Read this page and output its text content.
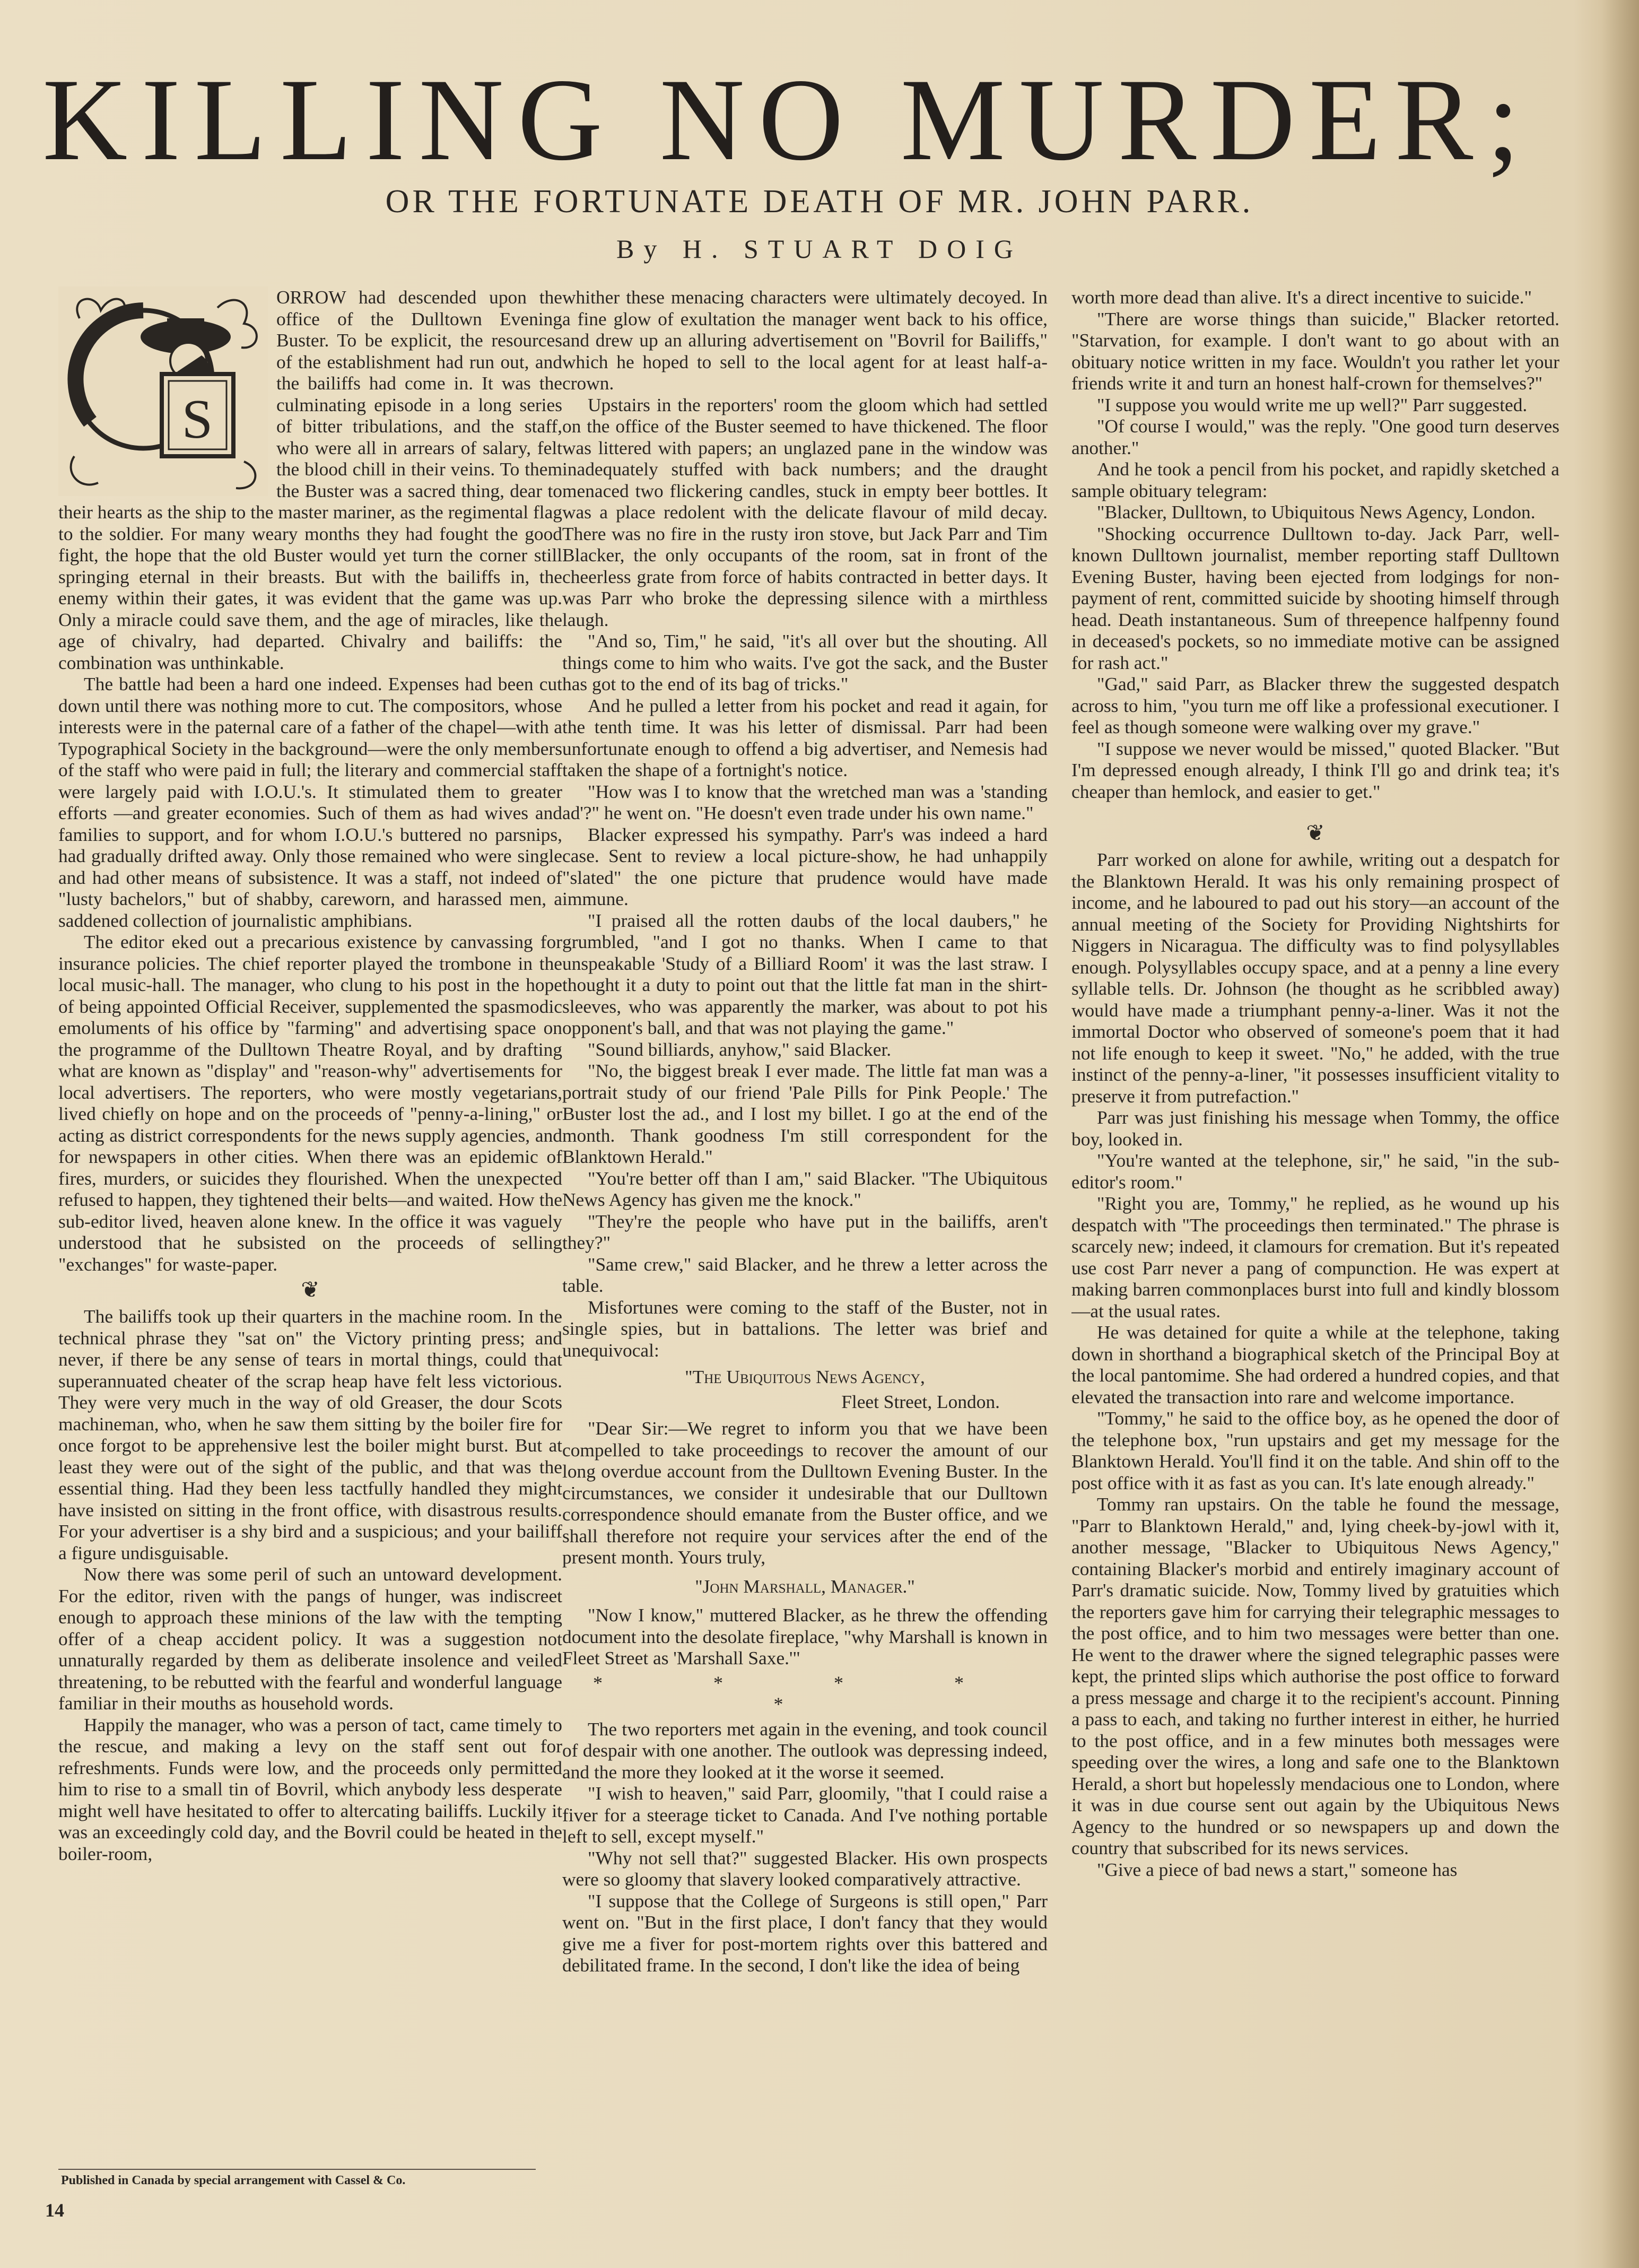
KILLING NO MURDER;
OR THE FORTUNATE DEATH OF MR. JOHN PARR.
By H. STUART DOIG
S

ORROW had descended upon the office of the Dulltown Evening Buster. To be explicit, the resources of the establishment had run out, and the bailiffs had come in. It was the culminating episode in a long series of bitter tribulations, and the staff, who were all in arrears of salary, felt the blood chill in their veins. To them the Buster was a sacred thing, dear to their hearts as the ship to the master mariner, as the regimental flag to the soldier. For many weary months they had fought the good fight, the hope that the old Buster would yet turn the corner still springing eternal in their breasts. But with the bailiffs in, the enemy within their gates, it was evident that the game was up. Only a miracle could save them, and the age of miracles, like the age of chivalry, had departed. Chivalry and bailiffs: the combination was unthinkable.

The battle had been a hard one indeed. Expenses had been cut down until there was nothing more to cut. The compositors, whose interests were in the paternal care of a father of the chapel—with a Typographical Society in the background—were the only members of the staff who were paid in full; the literary and commercial staff were largely paid with I.O.U.'s. It stimulated them to greater efforts —and greater economies. Such of them as had wives and families to support, and for whom I.O.U.'s buttered no parsnips, had gradually drifted away. Only those remained who were single and had other means of subsistence. It was a staff, not indeed of "lusty bachelors," but of shabby, careworn, and harassed men, a saddened collection of journalistic amphibians.

The editor eked out a precarious existence by canvassing for insurance policies. The chief reporter played the trombone in the local music-hall. The manager, who clung to his post in the hope of being appointed Official Receiver, supplemented the spasmodic emoluments of his office by "farming" and advertising space on the programme of the Dulltown Theatre Royal, and by drafting what are known as "display" and "reason-why" advertisements for local advertisers. The reporters, who were mostly vegetarians, lived chiefly on hope and on the proceeds of "penny-a-lining," or acting as district correspondents for the news supply agencies, and for newspapers in other cities. When there was an epidemic of fires, murders, or suicides they flourished. When the unexpected refused to happen, they tightened their belts—and waited. How the sub-editor lived, heaven alone knew. In the office it was vaguely understood that he subsisted on the proceeds of selling "exchanges" for waste-paper.

❦

The bailiffs took up their quarters in the machine room. In the technical phrase they "sat on" the Victory printing press; and never, if there be any sense of tears in mortal things, could that superannuated cheater of the scrap heap have felt less victorious. They were very much in the way of old Greaser, the dour Scots machineman, who, when he saw them sitting by the boiler fire for once forgot to be apprehensive lest the boiler might burst. But at least they were out of the sight of the public, and that was the essential thing. Had they been less tactfully handled they might have insisted on sitting in the front office, with disastrous results. For your advertiser is a shy bird and a suspicious; and your bailiff a figure undisguisable.

Now there was some peril of such an untoward development. For the editor, riven with the pangs of hunger, was indiscreet enough to approach these minions of the law with the tempting offer of a cheap accident policy. It was a suggestion not unnaturally regarded by them as deliberate insolence and veiled threatening, to be rebutted with the fearful and wonderful language familiar in their mouths as household words.

Happily the manager, who was a person of tact, came timely to the rescue, and making a levy on the staff sent out for refreshments. Funds were low, and the proceeds only permitted him to rise to a small tin of Bovril, which anybody less desperate might well have hesitated to offer to altercating bailiffs. Luckily it was an exceedingly cold day, and the Bovril could be heated in the boiler-room,

whither these menacing characters were ultimately decoyed. In a fine glow of exultation the manager went back to his office, and drew up an alluring advertisement on "Bovril for Bailiffs," which he hoped to sell to the local agent for at least half-a-crown.

Upstairs in the reporters' room the gloom which had settled on the office of the Buster seemed to have thickened. The floor was littered with papers; an unglazed pane in the window was inadequately stuffed with back numbers; and the draught menaced two flickering candles, stuck in empty beer bottles. It was a place redolent with the delicate flavour of mild decay. There was no fire in the rusty iron stove, but Jack Parr and Tim Blacker, the only occupants of the room, sat in front of the cheerless grate from force of habits contracted in better days. It was Parr who broke the depressing silence with a mirthless laugh.

"And so, Tim," he said, "it's all over but the shouting. All things come to him who waits. I've got the sack, and the Buster has got to the end of its bag of tricks."

And he pulled a letter from his pocket and read it again, for the tenth time. It was his letter of dismissal. Parr had been unfortunate enough to offend a big advertiser, and Nemesis had taken the shape of a fortnight's notice.

"How was I to know that the wretched man was a 'standing ad'?" he went on. "He doesn't even trade under his own name."

Blacker expressed his sympathy. Parr's was indeed a hard case. Sent to review a local picture-show, he had unhappily "slated" the one picture that prudence would have made immune.

"I praised all the rotten daubs of the local daubers," he grumbled, "and I got no thanks. When I came to that unspeakable 'Study of a Billiard Room' it was the last straw. I thought it a duty to point out that the little fat man in the shirt-sleeves, who was apparently the marker, was about to pot his opponent's ball, and that was not playing the game."

"Sound billiards, anyhow," said Blacker.

"No, the biggest break I ever made. The little fat man was a portrait study of our friend 'Pale Pills for Pink People.' The Buster lost the ad., and I lost my billet. I go at the end of the month. Thank goodness I'm still correspondent for the Blanktown Herald."

"You're better off than I am," said Blacker. "The Ubiquitous News Agency has given me the knock."

"They're the people who have put in the bailiffs, aren't they?"

"Same crew," said Blacker, and he threw a letter across the table.

Misfortunes were coming to the staff of the Buster, not in single spies, but in battalions. The letter was brief and unequivocal:

"The Ubiquitous News Agency,
Fleet Street, London.

"Dear Sir:—We regret to inform you that we have been compelled to take proceedings to recover the amount of our long overdue account from the Dulltown Evening Buster. In the circumstances, we consider it undesirable that our Dulltown correspondence should emanate from the Buster office, and we shall therefore not require your services after the end of the present month. Yours truly,

"John Marshall, Manager."

"Now I know," muttered Blacker, as he threw the offending document into the desolate fireplace, "why Marshall is known in Fleet Street as 'Marshall Saxe.'"

* * * * *

The two reporters met again in the evening, and took council of despair with one another. The outlook was depressing indeed, and the more they looked at it the worse it seemed.

"I wish to heaven," said Parr, gloomily, "that I could raise a fiver for a steerage ticket to Canada. And I've nothing portable left to sell, except myself."

"Why not sell that?" suggested Blacker. His own prospects were so gloomy that slavery looked comparatively attractive.

"I suppose that the College of Surgeons is still open," Parr went on. "But in the first place, I don't fancy that they would give me a fiver for post-mortem rights over this battered and debilitated frame. In the second, I don't like the idea of being

worth more dead than alive. It's a direct incentive to suicide."

"There are worse things than suicide," Blacker retorted. "Starvation, for example. I don't want to go about with an obituary notice written in my face. Wouldn't you rather let your friends write it and turn an honest half-crown for themselves?"

"I suppose you would write me up well?" Parr suggested.

"Of course I would," was the reply. "One good turn deserves another."

And he took a pencil from his pocket, and rapidly sketched a sample obituary telegram:

"Blacker, Dulltown, to Ubiquitous News Agency, London.

"Shocking occurrence Dulltown to-day. Jack Parr, well-known Dulltown journalist, member reporting staff Dulltown Evening Buster, having been ejected from lodgings for non-payment of rent, committed suicide by shooting himself through head. Death instantaneous. Sum of threepence halfpenny found in deceased's pockets, so no immediate motive can be assigned for rash act."

"Gad," said Parr, as Blacker threw the suggested despatch across to him, "you turn me off like a professional executioner. I feel as though someone were walking over my grave."

"I suppose we never would be missed," quoted Blacker. "But I'm depressed enough already, I think I'll go and drink tea; it's cheaper than hemlock, and easier to get."

❦

Parr worked on alone for awhile, writing out a despatch for the Blanktown Herald. It was his only remaining prospect of income, and he laboured to pad out his story—an account of the annual meeting of the Society for Providing Nightshirts for Niggers in Nicaragua. The difficulty was to find polysyllables enough. Polysyllables occupy space, and at a penny a line every syllable tells. Dr. Johnson (he thought as he scribbled away) would have made a triumphant penny-a-liner. Was it not the immortal Doctor who observed of someone's poem that it had not life enough to keep it sweet. "No," he added, with the true instinct of the penny-a-liner, "it possesses insufficient vitality to preserve it from putrefaction."

Parr was just finishing his message when Tommy, the office boy, looked in.

"You're wanted at the telephone, sir," he said, "in the sub-editor's room."

"Right you are, Tommy," he replied, as he wound up his despatch with "The proceedings then terminated." The phrase is scarcely new; indeed, it clamours for cremation. But it's repeated use cost Parr never a pang of compunction. He was expert at making barren commonplaces burst into full and kindly blossom—at the usual rates.

He was detained for quite a while at the telephone, taking down in shorthand a biographical sketch of the Principal Boy at the local pantomime. She had ordered a hundred copies, and that elevated the transaction into rare and welcome importance.

"Tommy," he said to the office boy, as he opened the door of the telephone box, "run upstairs and get my message for the Blanktown Herald. You'll find it on the table. And shin off to the post office with it as fast as you can. It's late enough already."

Tommy ran upstairs. On the table he found the message, "Parr to Blanktown Herald," and, lying cheek-by-jowl with it, another message, "Blacker to Ubiquitous News Agency," containing Blacker's morbid and entirely imaginary account of Parr's dramatic suicide. Now, Tommy lived by gratuities which the reporters gave him for carrying their telegraphic messages to the post office, and to him two messages were better than one. He went to the drawer where the signed telegraphic passes were kept, the printed slips which authorise the post office to forward a press message and charge it to the recipient's account. Pinning a pass to each, and taking no further interest in either, he hurried to the post office, and in a few minutes both messages were speeding over the wires, a long and safe one to the Blanktown Herald, a short but hopelessly mendacious one to London, where it was in due course sent out again by the Ubiquitous News Agency to the hundred or so newspapers up and down the country that subscribed for its news services.

"Give a piece of bad news a start," someone has

Published in Canada by special arrangement with Cassel & Co.
14
